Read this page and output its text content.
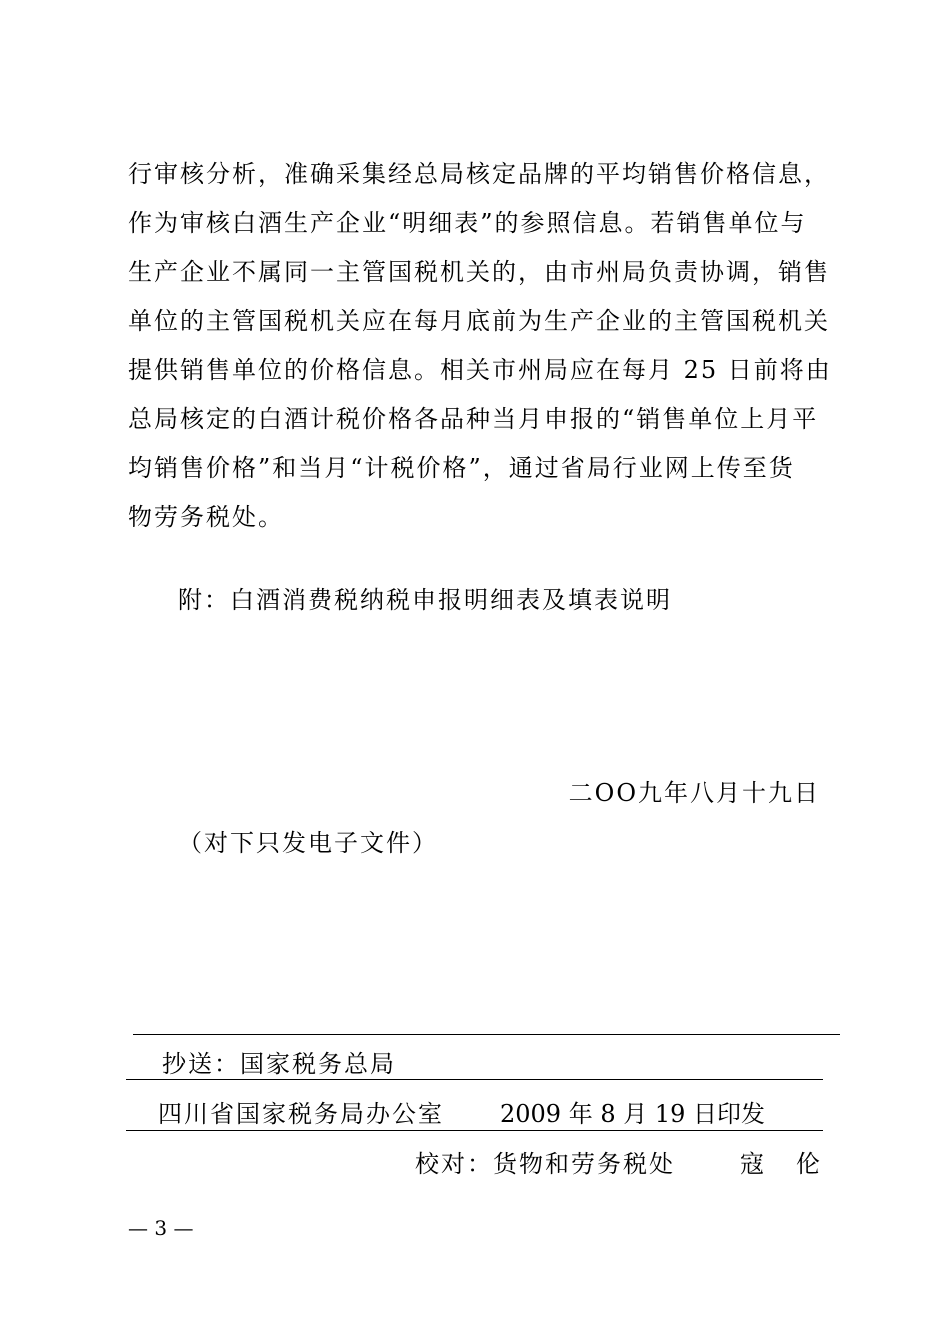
行审核分析，准确采集经总局核定品牌的平均销售价格信息，
作为审核白酒生产企业“明细表”的参照信息。若销售单位与
生产企业不属同一主管国税机关的，由市州局负责协调，销售
单位的主管国税机关应在每月底前为生产企业的主管国税机关
提供销售单位的价格信息。相关市州局应在每月 25 日前将由
总局核定的白酒计税价格各品种当月申报的“销售单位上月平
均销售价格”和当月“计税价格”，通过省局行业网上传至货
物劳务税处。
附：白酒消费税纳税申报明细表及填表说明
二OO九年八月十九日
（对下只发电子文件）
抄送：国家税务总局
四川省国家税务局办公室 2009 年 8 月 19 日印发
校对：货物和劳务税处	寇伦
— 3 —
